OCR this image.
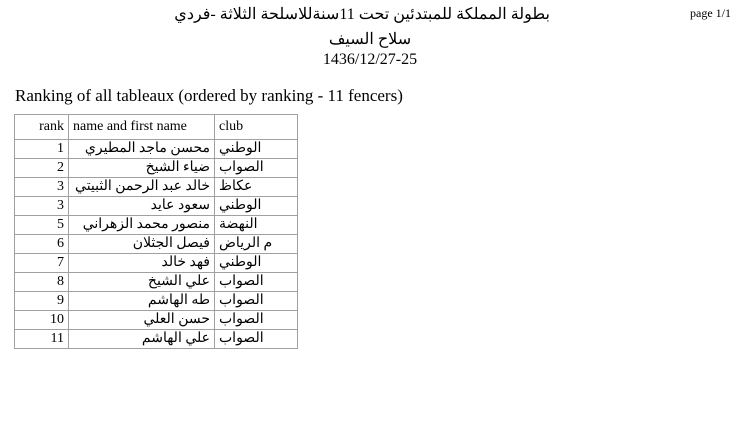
page 1/1
بطولة المملكة للمبتدئين تحت 11سنةللاسلحة الثلاثة -فردي
سلاح السيف
1436/12/27-25
Ranking of all tableaux (ordered by ranking - 11 fencers)
rank	name and first name	club
1	محسن ماجد المطيري	الوطني
2	ضياء الشيخ	الصواب
3	خالد عبد الرحمن الثبيتي	عكاظ
3	سعود عايد	الوطني
5	منصور محمد الزهراني	النهضة
6	فيصل الجثلان	م الرياض
7	فهد خالد	الوطني
8	علي الشيخ	الصواب
9	طه الهاشم	الصواب
10	حسن العلي	الصواب
11	علي الهاشم	الصواب
